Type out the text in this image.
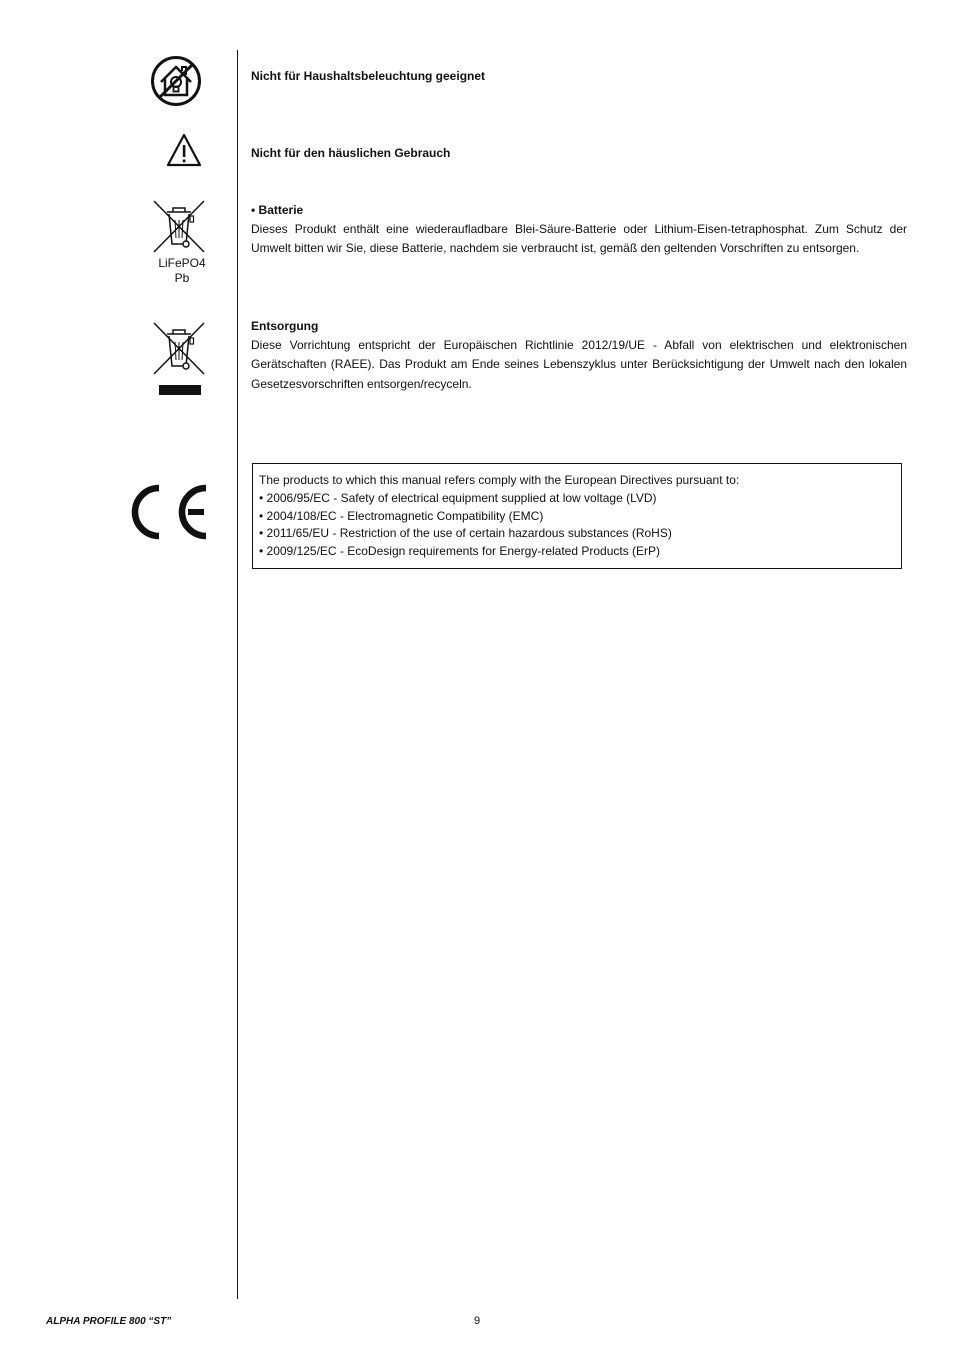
Nicht für Haushaltsbeleuchtung geeignet
Nicht für den häuslichen Gebrauch
LiFePO4
Pb
• Batterie
Dieses Produkt enthält eine wiederaufladbare Blei-Säure-Batterie oder Lithium-Eisen-tetraphosphat. Zum Schutz der Umwelt bitten wir Sie, diese Batterie, nachdem sie verbraucht ist, gemäß den geltenden Vorschriften zu entsorgen.
Entsorgung
Diese Vorrichtung entspricht der Europäischen Richtlinie 2012/19/UE - Abfall von elektrischen und elektronischen Gerätschaften (RAEE). Das Produkt am Ende seines Lebenszyklus unter Berücksichtigung der Umwelt nach den lokalen Gesetzesvorschriften entsorgen/recyceln.
The products to which this manual refers comply with the European Directives pursuant to:
• 2006/95/EC - Safety of electrical equipment supplied at low voltage (LVD)
• 2004/108/EC - Electromagnetic Compatibility (EMC)
• 2011/65/EU - Restriction of the use of certain hazardous substances (RoHS)
• 2009/125/EC - EcoDesign requirements for Energy-related Products (ErP)
ALPHA PROFILE 800 “ST”	9
